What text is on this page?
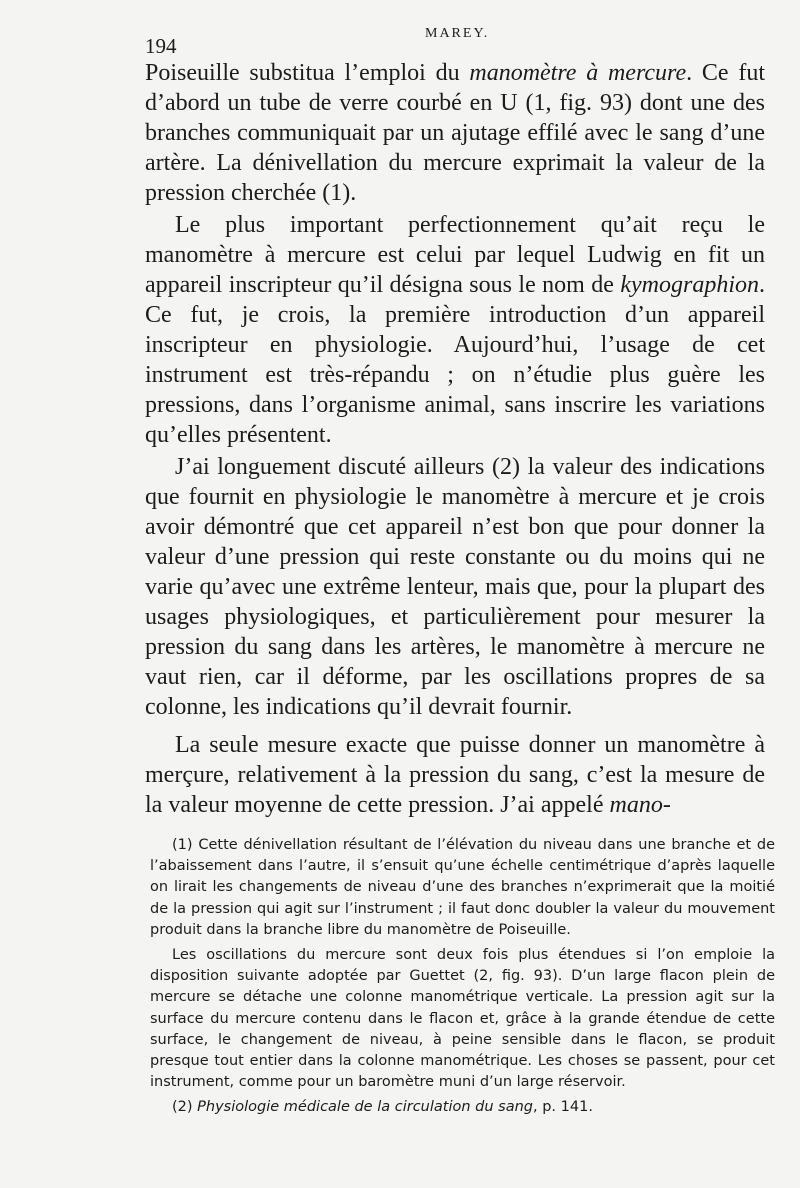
194
MAREY.

Poiseuille substitua l’emploi du manomètre à mercure. Ce fut d’abord un tube de verre courbé en U (1, fig. 93) dont une des branches communiquait par un ajutage effilé avec le sang d’une artère. La dénivellation du mercure exprimait la valeur de la pression cherchée (1).

Le plus important perfectionnement qu’ait reçu le manomètre à mercure est celui par lequel Ludwig en fit un appareil inscripteur qu’il désigna sous le nom de kymographion. Ce fut, je crois, la première introduction d’un appareil inscripteur en physiologie. Aujourd’hui, l’usage de cet instrument est très-répandu ; on n’étudie plus guère les pressions, dans l’organisme animal, sans inscrire les variations qu’elles présentent.

J’ai longuement discuté ailleurs (2) la valeur des indications que fournit en physiologie le manomètre à mercure et je crois avoir démontré que cet appareil n’est bon que pour donner la valeur d’une pression qui reste constante ou du moins qui ne varie qu’avec une extrême lenteur, mais que, pour la plupart des usages physiologiques, et particulièrement pour mesurer la pression du sang dans les artères, le manomètre à mercure ne vaut rien, car il déforme, par les oscillations propres de sa colonne, les indications qu’il devrait fournir.

La seule mesure exacte que puisse donner un manomètre à merçure, relativement à la pression du sang, c’est la mesure de la valeur moyenne de cette pression. J’ai appelé mano-

(1) Cette dénivellation résultant de l’élévation du niveau dans une branche et de l’abaissement dans l’autre, il s’ensuit qu’une échelle centimétrique d’après laquelle on lirait les changements de niveau d’une des branches n’exprimerait que la moitié de la pression qui agit sur l’instrument ; il faut donc doubler la valeur du mouvement produit dans la branche libre du manomètre de Poiseuille.

Les oscillations du mercure sont deux fois plus étendues si l’on emploie la disposition suivante adoptée par Guettet (2, fig. 93). D’un large flacon plein de mercure se détache une colonne manométrique verticale. La pression agit sur la surface du mercure contenu dans le flacon et, grâce à la grande étendue de cette surface, le changement de niveau, à peine sensible dans le flacon, se produit presque tout entier dans la colonne manométrique. Les choses se passent, pour cet instrument, comme pour un baromètre muni d’un large réservoir.

(2) Physiologie médicale de la circulation du sang, p. 141.
